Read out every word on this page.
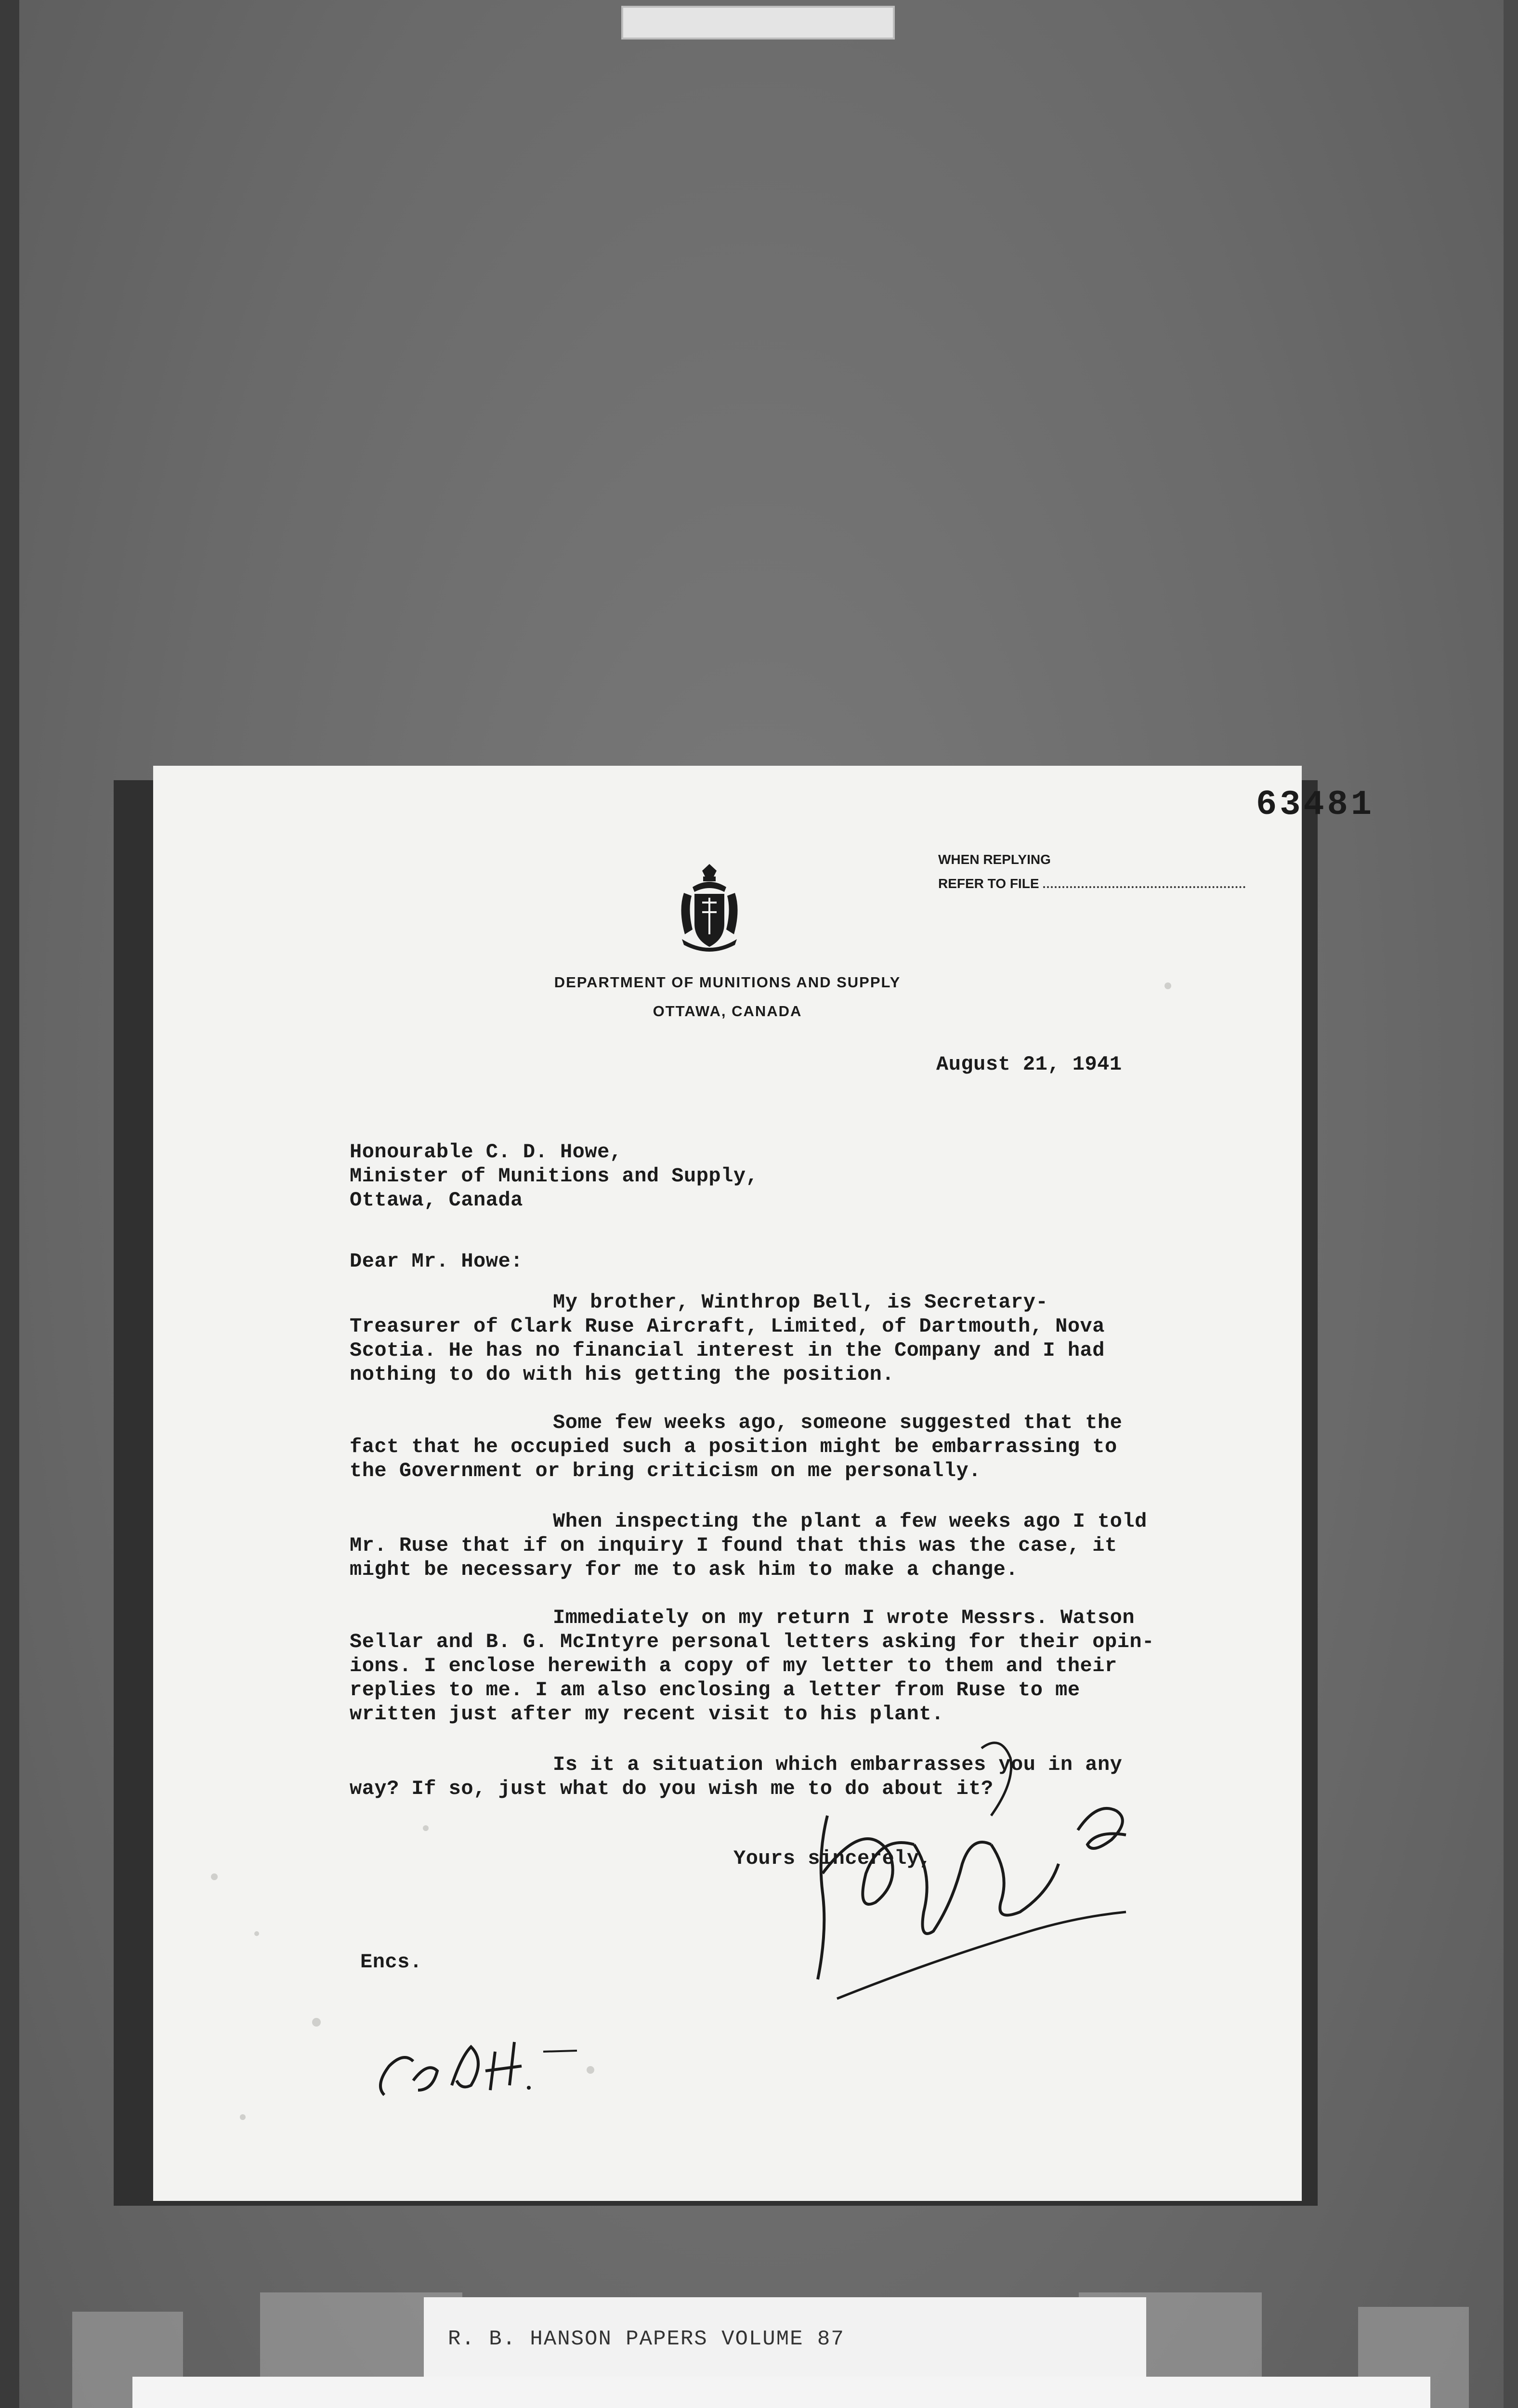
63481
WHEN REPLYING
REFER TO FILE
DEPARTMENT OF MUNITIONS AND SUPPLY
OTTAWA, CANADA
August 21, 1941
Honourable C. D. Howe,
Minister of Munitions and Supply,
Ottawa, Canada
Dear Mr. Howe:
My brother, Winthrop Bell, is Secretary-
Treasurer of Clark Ruse Aircraft, Limited, of Dartmouth, Nova
Scotia. He has no financial interest in the Company and I had
nothing to do with his getting the position.
Some few weeks ago, someone suggested that the
fact that he occupied such a position might be embarrassing to
the Government or bring criticism on me personally.
When inspecting the plant a few weeks ago I told
Mr. Ruse that if on inquiry I found that this was the case, it
might be necessary for me to ask him to make a change.
Immediately on my return I wrote Messrs. Watson
Sellar and B. G. McIntyre personal letters asking for their opin-
ions. I enclose herewith a copy of my letter to them and their
replies to me. I am also enclosing a letter from Ruse to me
written just after my recent visit to his plant.
Is it a situation which embarrasses you in any
way? If so, just what do you wish me to do about it?
Yours sincerely,
Encs.
R. B. HANSON PAPERS VOLUME 87
